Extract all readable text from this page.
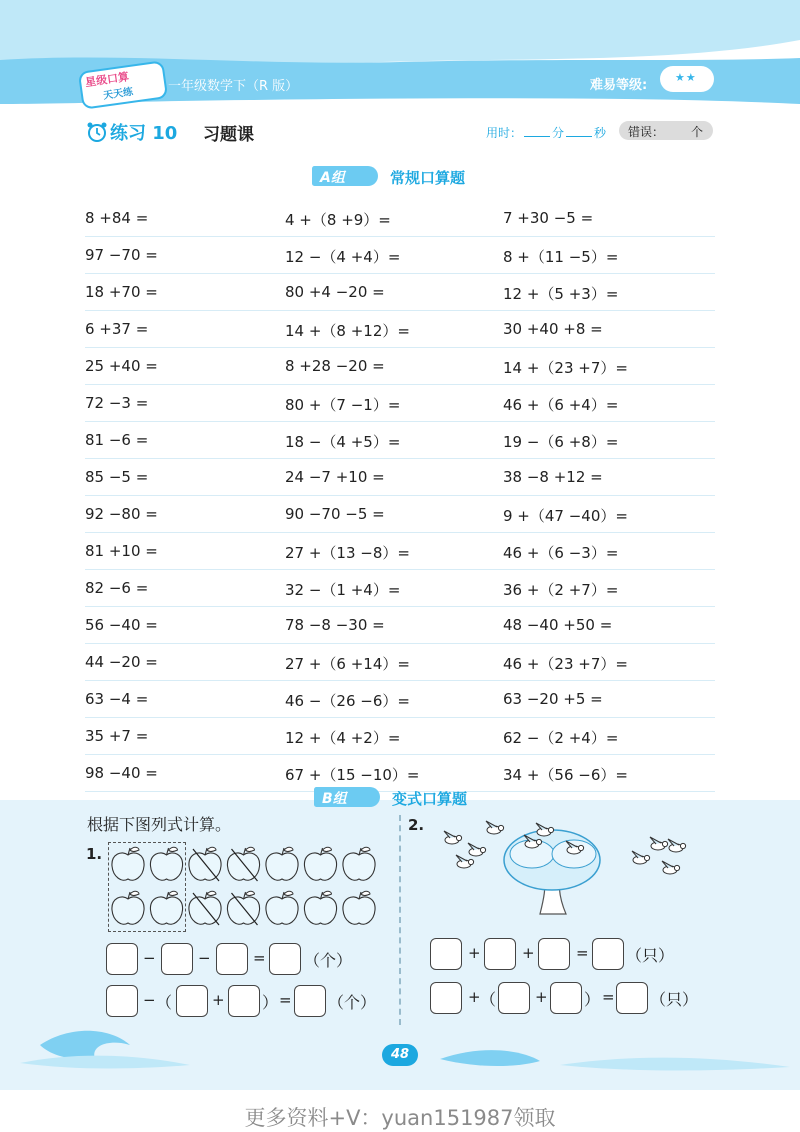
星级口算
天天练
一年级数学下（R 版）	难易等级:
★★
练习 10 习题课	用时：	分	秒 错误： 个
A组	常规口算题
8 +84 =	4 +（8 +9）=	7 +30 −5 =
97 −70 =	12 −（4 +4）=	8 +（11 −5）=
18 +70 =	80 +4 −20 =	12 +（5 +3）=
6 +37 =	14 +（8 +12）=	30 +40 +8 =
25 +40 =	8 +28 −20 =	14 +（23 +7）=
72 −3 =	80 +（7 −1）=	46 +（6 +4）=
81 −6 =	18 −（4 +5）=	19 −（6 +8）=
85 −5 =	24 −7 +10 =	38 −8 +12 =
92 −80 =	90 −70 −5 =	9 +（47 −40）=
81 +10 =	27 +（13 −8）=	46 +（6 −3）=
82 −6 =	32 −（1 +4）=	36 +（2 +7）=
56 −40 =	78 −8 −30 =	48 −40 +50 =
44 −20 =	27 +（6 +14）=	46 +（23 +7）=
63 −4 =	46 −（26 −6）=	63 −20 +5 =
35 +7 =	12 +（4 +2）=	62 −（2 +4）=
98 −40 =	67 +（15 −10）=	34 +（56 −6）=
B组	变式口算题
根据下图列式计算。
1.
2.
−	−	= （个）
− （	+ ） = （个）
+	+	= （只）
+ （	+ ） = （只）
48
更多资料+V：yuan151987领取
